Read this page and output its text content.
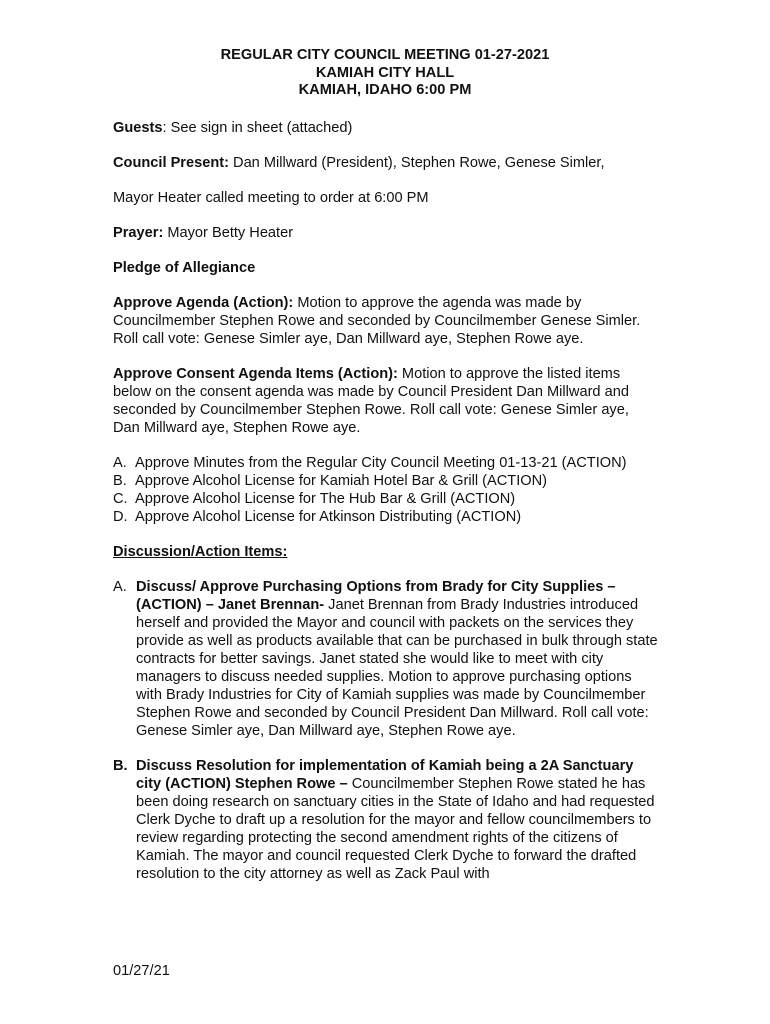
REGULAR CITY COUNCIL MEETING 01-27-2021
KAMIAH CITY HALL
KAMIAH, IDAHO 6:00 PM
Guests: See sign in sheet (attached)
Council Present: Dan Millward (President), Stephen Rowe, Genese Simler,
Mayor Heater called meeting to order at 6:00 PM
Prayer: Mayor Betty Heater
Pledge of Allegiance
Approve Agenda (Action): Motion to approve the agenda was made by Councilmember Stephen Rowe and seconded by Councilmember Genese Simler. Roll call vote: Genese Simler aye, Dan Millward aye, Stephen Rowe aye.
Approve Consent Agenda Items (Action): Motion to approve the listed items below on the consent agenda was made by Council President Dan Millward and seconded by Councilmember Stephen Rowe. Roll call vote: Genese Simler aye, Dan Millward aye, Stephen Rowe aye.
A. Approve Minutes from the Regular City Council Meeting 01-13-21 (ACTION)
B. Approve Alcohol License for Kamiah Hotel Bar & Grill (ACTION)
C. Approve Alcohol License for The Hub Bar & Grill (ACTION)
D. Approve Alcohol License for Atkinson Distributing (ACTION)
Discussion/Action Items:
A. Discuss/ Approve Purchasing Options from Brady for City Supplies – (ACTION) – Janet Brennan- Janet Brennan from Brady Industries introduced herself and provided the Mayor and council with packets on the services they provide as well as products available that can be purchased in bulk through state contracts for better savings. Janet stated she would like to meet with city managers to discuss needed supplies. Motion to approve purchasing options with Brady Industries for City of Kamiah supplies was made by Councilmember Stephen Rowe and seconded by Council President Dan Millward. Roll call vote: Genese Simler aye, Dan Millward aye, Stephen Rowe aye.
B. Discuss Resolution for implementation of Kamiah being a 2A Sanctuary city (ACTION) Stephen Rowe – Councilmember Stephen Rowe stated he has been doing research on sanctuary cities in the State of Idaho and had requested Clerk Dyche to draft up a resolution for the mayor and fellow councilmembers to review regarding protecting the second amendment rights of the citizens of Kamiah. The mayor and council requested Clerk Dyche to forward the drafted resolution to the city attorney as well as Zack Paul with
01/27/21
